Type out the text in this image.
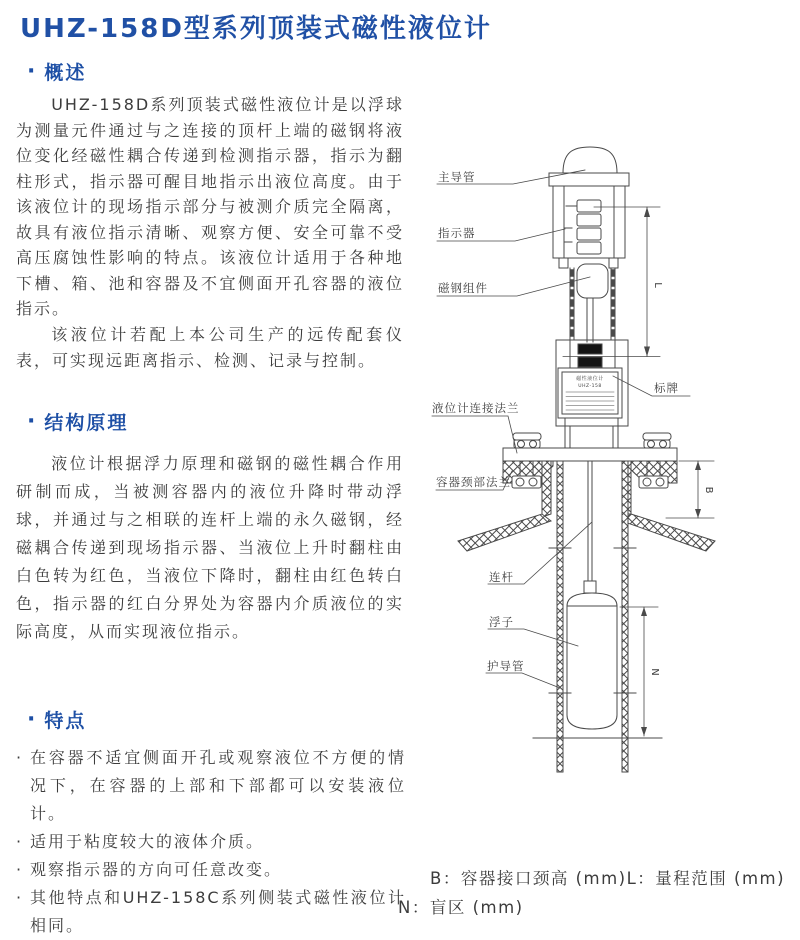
UHZ-158D型系列顶装式磁性液位计
· 概述
UHZ-158D系列顶装式磁性液位计是以浮球为测量元件通过与之连接的顶杆上端的磁钢将液位变化经磁性耦合传递到检测指示器，指示为翻柱形式，指示器可醒目地指示出液位高度。由于该液位计的现场指示部分与被测介质完全隔离，故具有液位指示清晰、观察方便、安全可靠不受高压腐蚀性影响的特点。该液位计适用于各种地下槽、箱、池和容器及不宜侧面开孔容器的液位指示。
该液位计若配上本公司生产的远传配套仪表，可实现远距离指示、检测、记录与控制。
· 结构原理
液位计根据浮力原理和磁钢的磁性耦合作用研制而成，当被测容器内的液位升降时带动浮球，并通过与之相联的连杆上端的永久磁钢，经磁耦合传递到现场指示器、当液位上升时翻柱由白色转为红色，当液位下降时，翻柱由红色转白色，指示器的红白分界处为容器内介质液位的实际高度，从而实现液位指示。
· 特点
· 在容器不适宜侧面开孔或观察液位不方便的情况下，在容器的上部和下部都可以安装液位计。
· 适用于粘度较大的液体介质。
· 观察指示器的方向可任意改变。
· 其他特点和UHZ-158C系列侧装式磁性液位计相同。
B：容器接口颈高 (mm)L：量程范围 (mm)
N：盲区 (mm)
磁性液位计
UHZ-158
L
B
N
主导管
指示器
磁钢组件
标牌
液位计连接法兰
容器颈部法兰
连杆
浮子
护导管
